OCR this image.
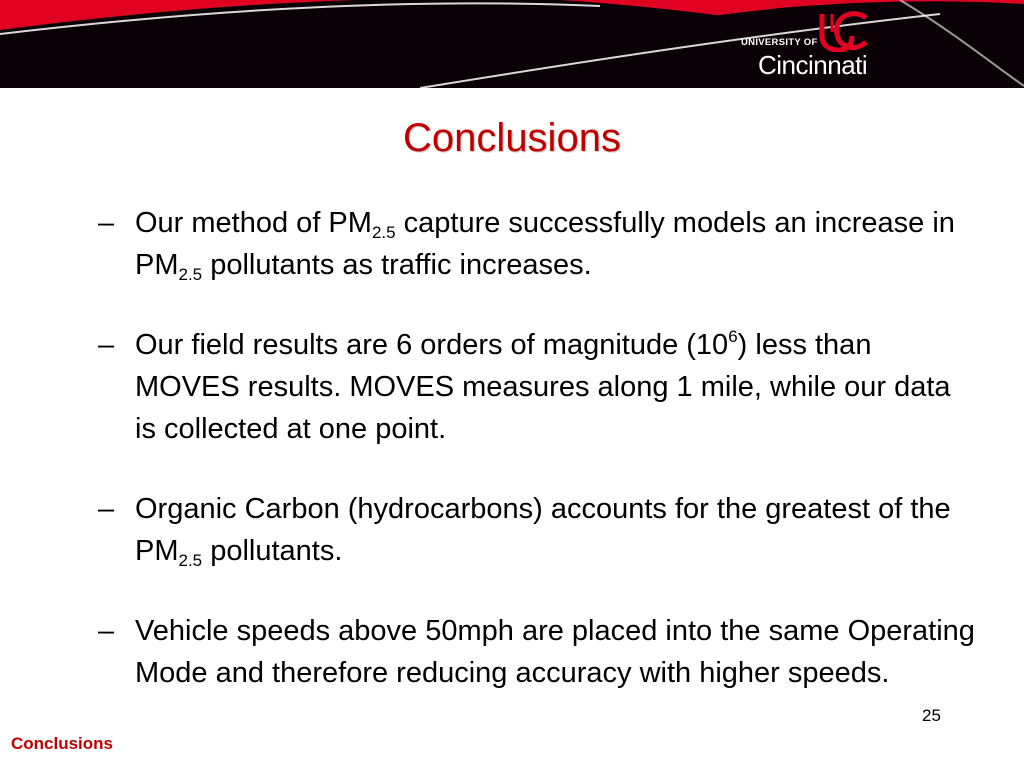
UNIVERSITY OF
Cincinnati
Conclusions
– Our method of $PM_{2.5}$ capture successfully models an increase in $PM_{2.5}$ pollutants as traffic increases.
– Our field results are 6 orders of magnitude $(10^6)$ less than MOVES results. MOVES measures along 1 mile, while our data is collected at one point.
– Organic Carbon (hydrocarbons) accounts for the greatest of the $PM_{2.5}$ pollutants.
– Vehicle speeds above 50mph are placed into the same Operating Mode and therefore reducing accuracy with higher speeds.
25
Conclusions
